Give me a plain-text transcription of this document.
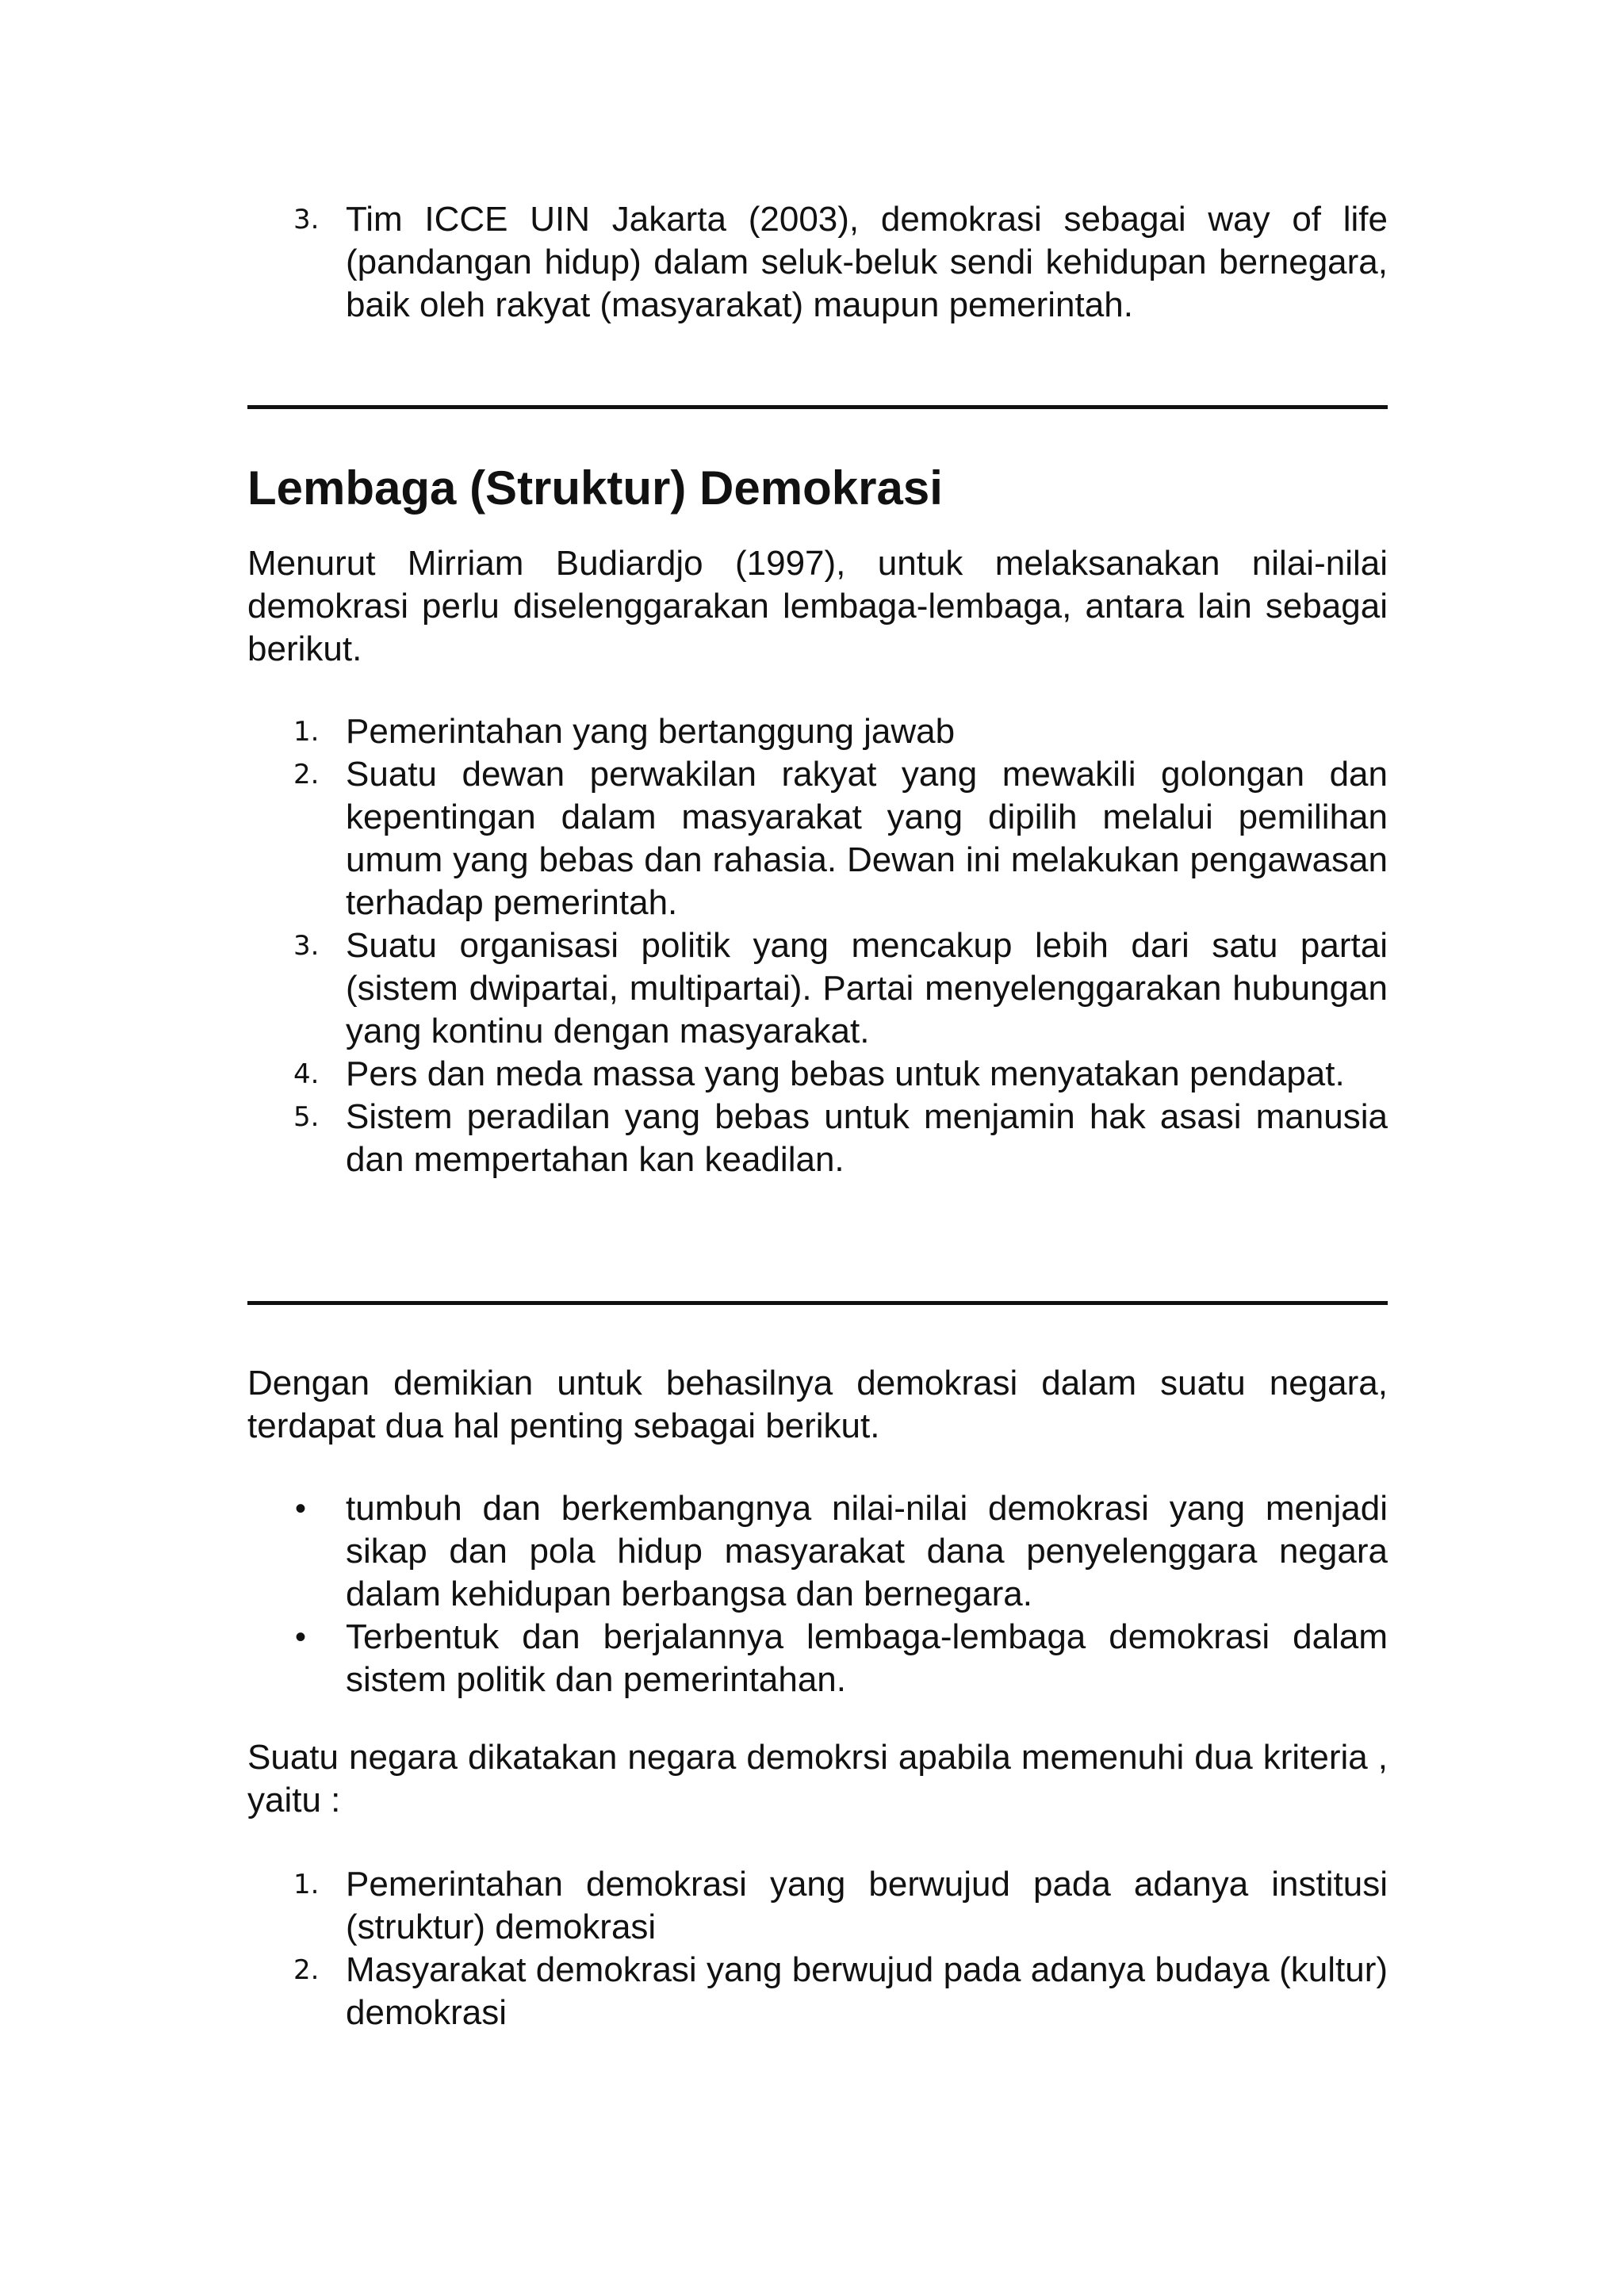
3. Tim ICCE UIN Jakarta (2003), demokrasi sebagai way of life (pandangan hidup) dalam seluk-beluk sendi kehidupan bernegara, baik oleh rakyat (masyarakat) maupun pemerintah.
Lembaga (Struktur) Demokrasi

Menurut Mirriam Budiardjo (1997), untuk melaksanakan nilai-nilai demokrasi perlu diselenggarakan lembaga-lembaga, antara lain sebagai berikut.

1. Pemerintahan yang bertanggung jawab
2. Suatu dewan perwakilan rakyat yang mewakili golongan dan kepentingan dalam masyarakat yang dipilih melalui pemilihan umum yang bebas dan rahasia. Dewan ini melakukan pengawasan terhadap pemerintah.
3. Suatu organisasi politik yang mencakup lebih dari satu partai (sistem dwipartai, multipartai). Partai menyelenggarakan hubungan yang kontinu dengan masyarakat.
4. Pers dan meda massa yang bebas untuk menyatakan pendapat.
5. Sistem peradilan yang bebas untuk menjamin hak asasi manusia dan mempertahan kan keadilan.

Dengan demikian untuk behasilnya demokrasi dalam suatu negara, terdapat dua hal penting sebagai berikut.

• tumbuh dan berkembangnya nilai-nilai demokrasi yang menjadi sikap dan pola hidup masyarakat dana penyelenggara negara dalam kehidupan berbangsa dan bernegara.
• Terbentuk dan berjalannya lembaga-lembaga demokrasi dalam sistem politik dan pemerintahan.

Suatu negara dikatakan negara demokrsi apabila memenuhi dua kriteria , yaitu :

1. Pemerintahan demokrasi yang berwujud pada adanya institusi (struktur) demokrasi
2. Masyarakat demokrasi yang berwujud pada adanya budaya (kultur) demokrasi
